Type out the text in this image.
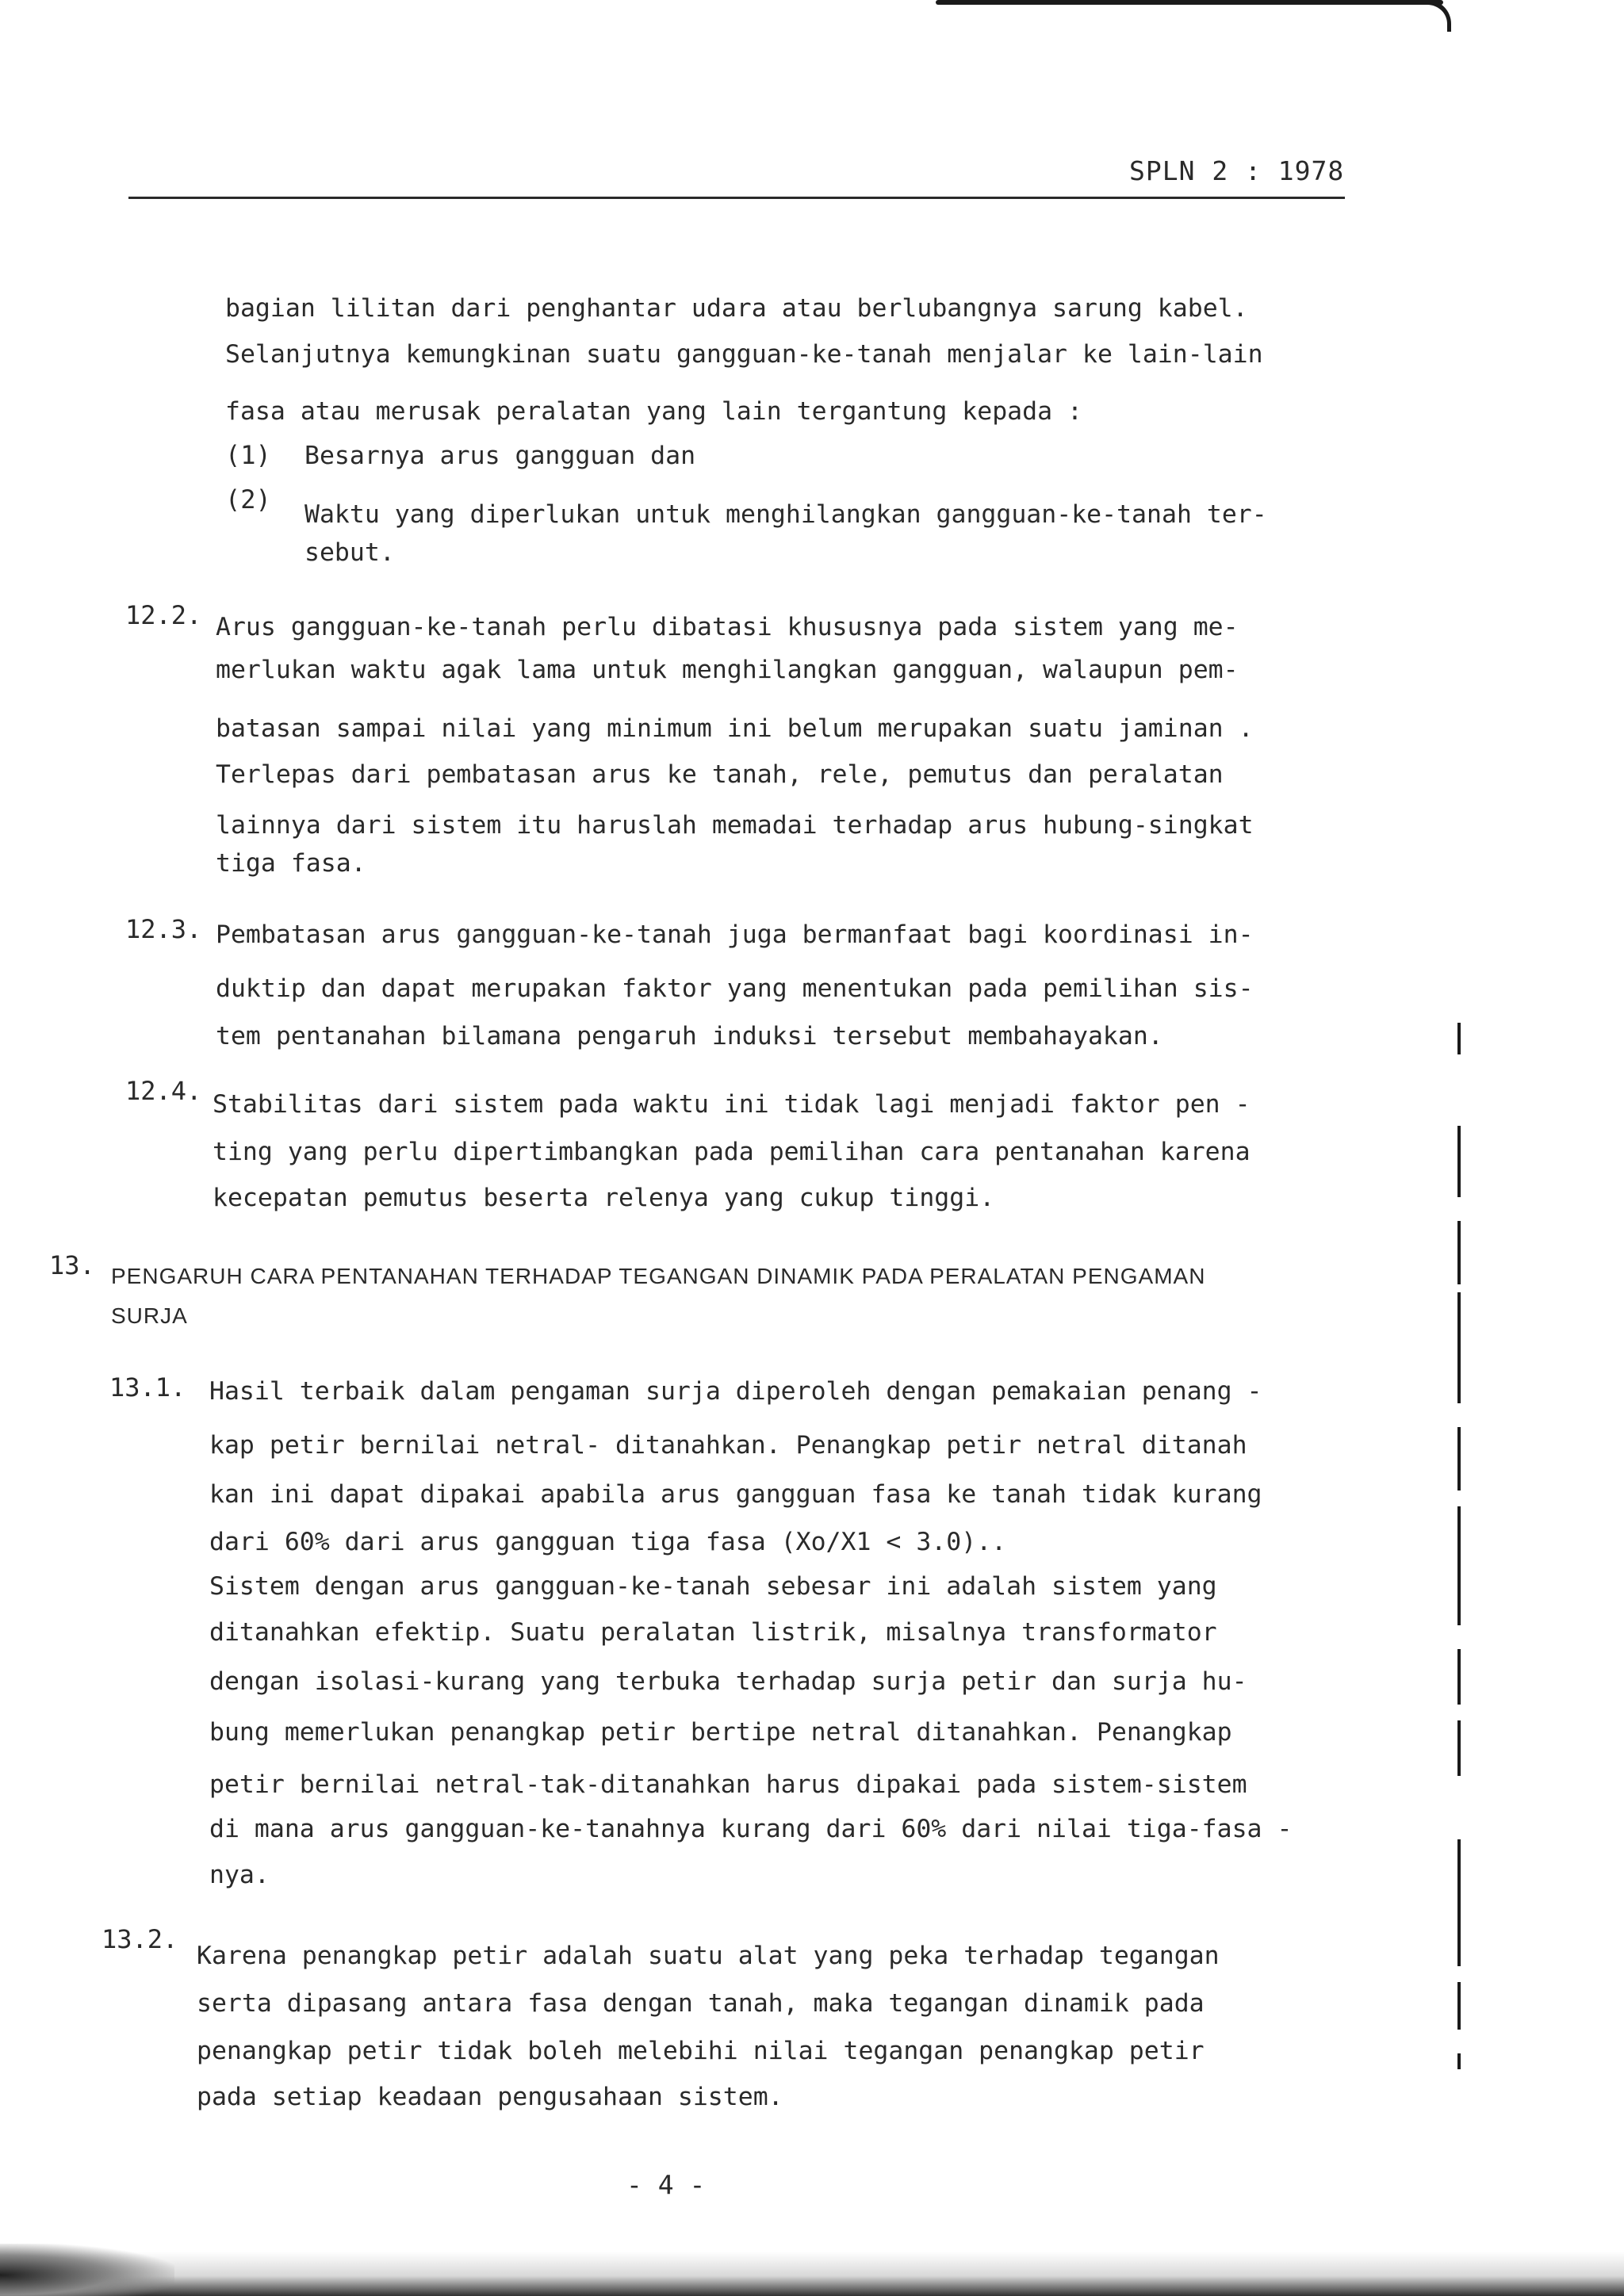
SPLN 2 : 1978
bagian lilitan dari penghantar udara atau berlubangnya sarung kabel.
Selanjutnya kemungkinan suatu gangguan-ke-tanah menjalar ke lain-lain
fasa atau merusak peralatan yang lain tergantung kepada :
(1) Besarnya arus gangguan dan
(2) Waktu yang diperlukan untuk menghilangkan gangguan-ke-tanah ter-
sebut.
12.2. Arus gangguan-ke-tanah perlu dibatasi khususnya pada sistem yang me-
merlukan waktu agak lama untuk menghilangkan gangguan, walaupun pem-
batasan sampai nilai yang minimum ini belum merupakan suatu jaminan .
Terlepas dari pembatasan arus ke tanah, rele, pemutus dan peralatan
lainnya dari sistem itu haruslah memadai terhadap arus hubung-singkat
tiga fasa.
12.3. Pembatasan arus gangguan-ke-tanah juga bermanfaat bagi koordinasi in-
duktip dan dapat merupakan faktor yang menentukan pada pemilihan sis-
tem pentanahan bilamana pengaruh induksi tersebut membahayakan.
12.4. Stabilitas dari sistem pada waktu ini tidak lagi menjadi faktor pen -
ting yang perlu dipertimbangkan pada pemilihan cara pentanahan karena
kecepatan pemutus beserta relenya yang cukup tinggi.
13. PENGARUH CARA PENTANAHAN TERHADAP TEGANGAN DINAMIK PADA PERALATAN PENGAMAN
SURJA
13.1. Hasil terbaik dalam pengaman surja diperoleh dengan pemakaian penang -
kap petir bernilai netral- ditanahkan. Penangkap petir netral ditanah
kan ini dapat dipakai apabila arus gangguan fasa ke tanah tidak kurang
dari 60% dari arus gangguan tiga fasa (Xo/X1 < 3.0)..
Sistem dengan arus gangguan-ke-tanah sebesar ini adalah sistem yang
ditanahkan efektip. Suatu peralatan listrik, misalnya transformator
dengan isolasi-kurang yang terbuka terhadap surja petir dan surja hu-
bung memerlukan penangkap petir bertipe netral ditanahkan. Penangkap
petir bernilai netral-tak-ditanahkan harus dipakai pada sistem-sistem
di mana arus gangguan-ke-tanahnya kurang dari 60% dari nilai tiga-fasa -
nya.
13.2.
Karena penangkap petir adalah suatu alat yang peka terhadap tegangan
serta dipasang antara fasa dengan tanah, maka tegangan dinamik pada
penangkap petir tidak boleh melebihi nilai tegangan penangkap petir
pada setiap keadaan pengusahaan sistem.
- 4 -
